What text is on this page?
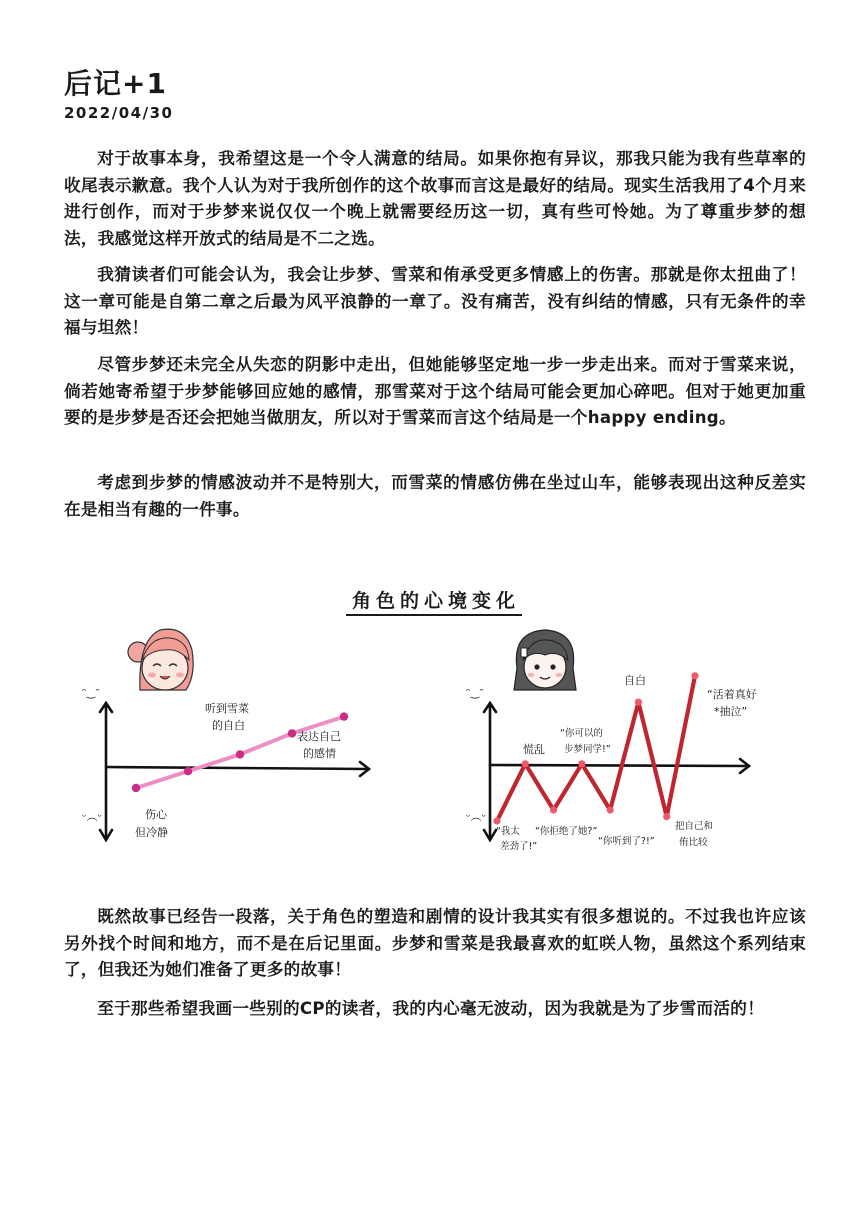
后记+1
2022/04/30

对于故事本身，我希望这是一个令人满意的结局。如果你抱有异议，那我只能为我有些草率的收尾表示歉意。我个人认为对于我所创作的这个故事而言这是最好的结局。现实生活我用了4个月来进行创作，而对于步梦来说仅仅一个晚上就需要经历这一切，真有些可怜她。为了尊重步梦的想法，我感觉这样开放式的结局是不二之选。

我猜读者们可能会认为，我会让步梦、雪菜和侑承受更多情感上的伤害。那就是你太扭曲了！这一章可能是自第二章之后最为风平浪静的一章了。没有痛苦，没有纠结的情感，只有无条件的幸福与坦然！

尽管步梦还未完全从失恋的阴影中走出，但她能够坚定地一步一步走出来。而对于雪菜来说，倘若她寄希望于步梦能够回应她的感情，那雪菜对于这个结局可能会更加心碎吧。但对于她更加重要的是步梦是否还会把她当做朋友，所以对于雪菜而言这个结局是一个happy ending。

考虑到步梦的情感波动并不是特别大，而雪菜的情感仿佛在坐过山车，能够表现出这种反差实在是相当有趣的一件事。

角色的心境变化
ᵔ‿ᵔ
ᵕ︵ᵕ	伤心
但冷静
听到雪菜
的自白
表达自己
的感情
ᵔ‿ᵔ
ᵕ︵ᵕ
“我太
差劲了!”
慌乱
“你拒绝了她?”
“你可以的
步梦同学!”
“你听到了?!”
自白
把自己和
侑比较
“活着真好
*抽泣”

既然故事已经告一段落，关于角色的塑造和剧情的设计我其实有很多想说的。不过我也许应该另外找个时间和地方，而不是在后记里面。步梦和雪菜是我最喜欢的虹咲人物，虽然这个系列结束了，但我还为她们准备了更多的故事！

至于那些希望我画一些别的CP的读者，我的内心毫无波动，因为我就是为了步雪而活的！
